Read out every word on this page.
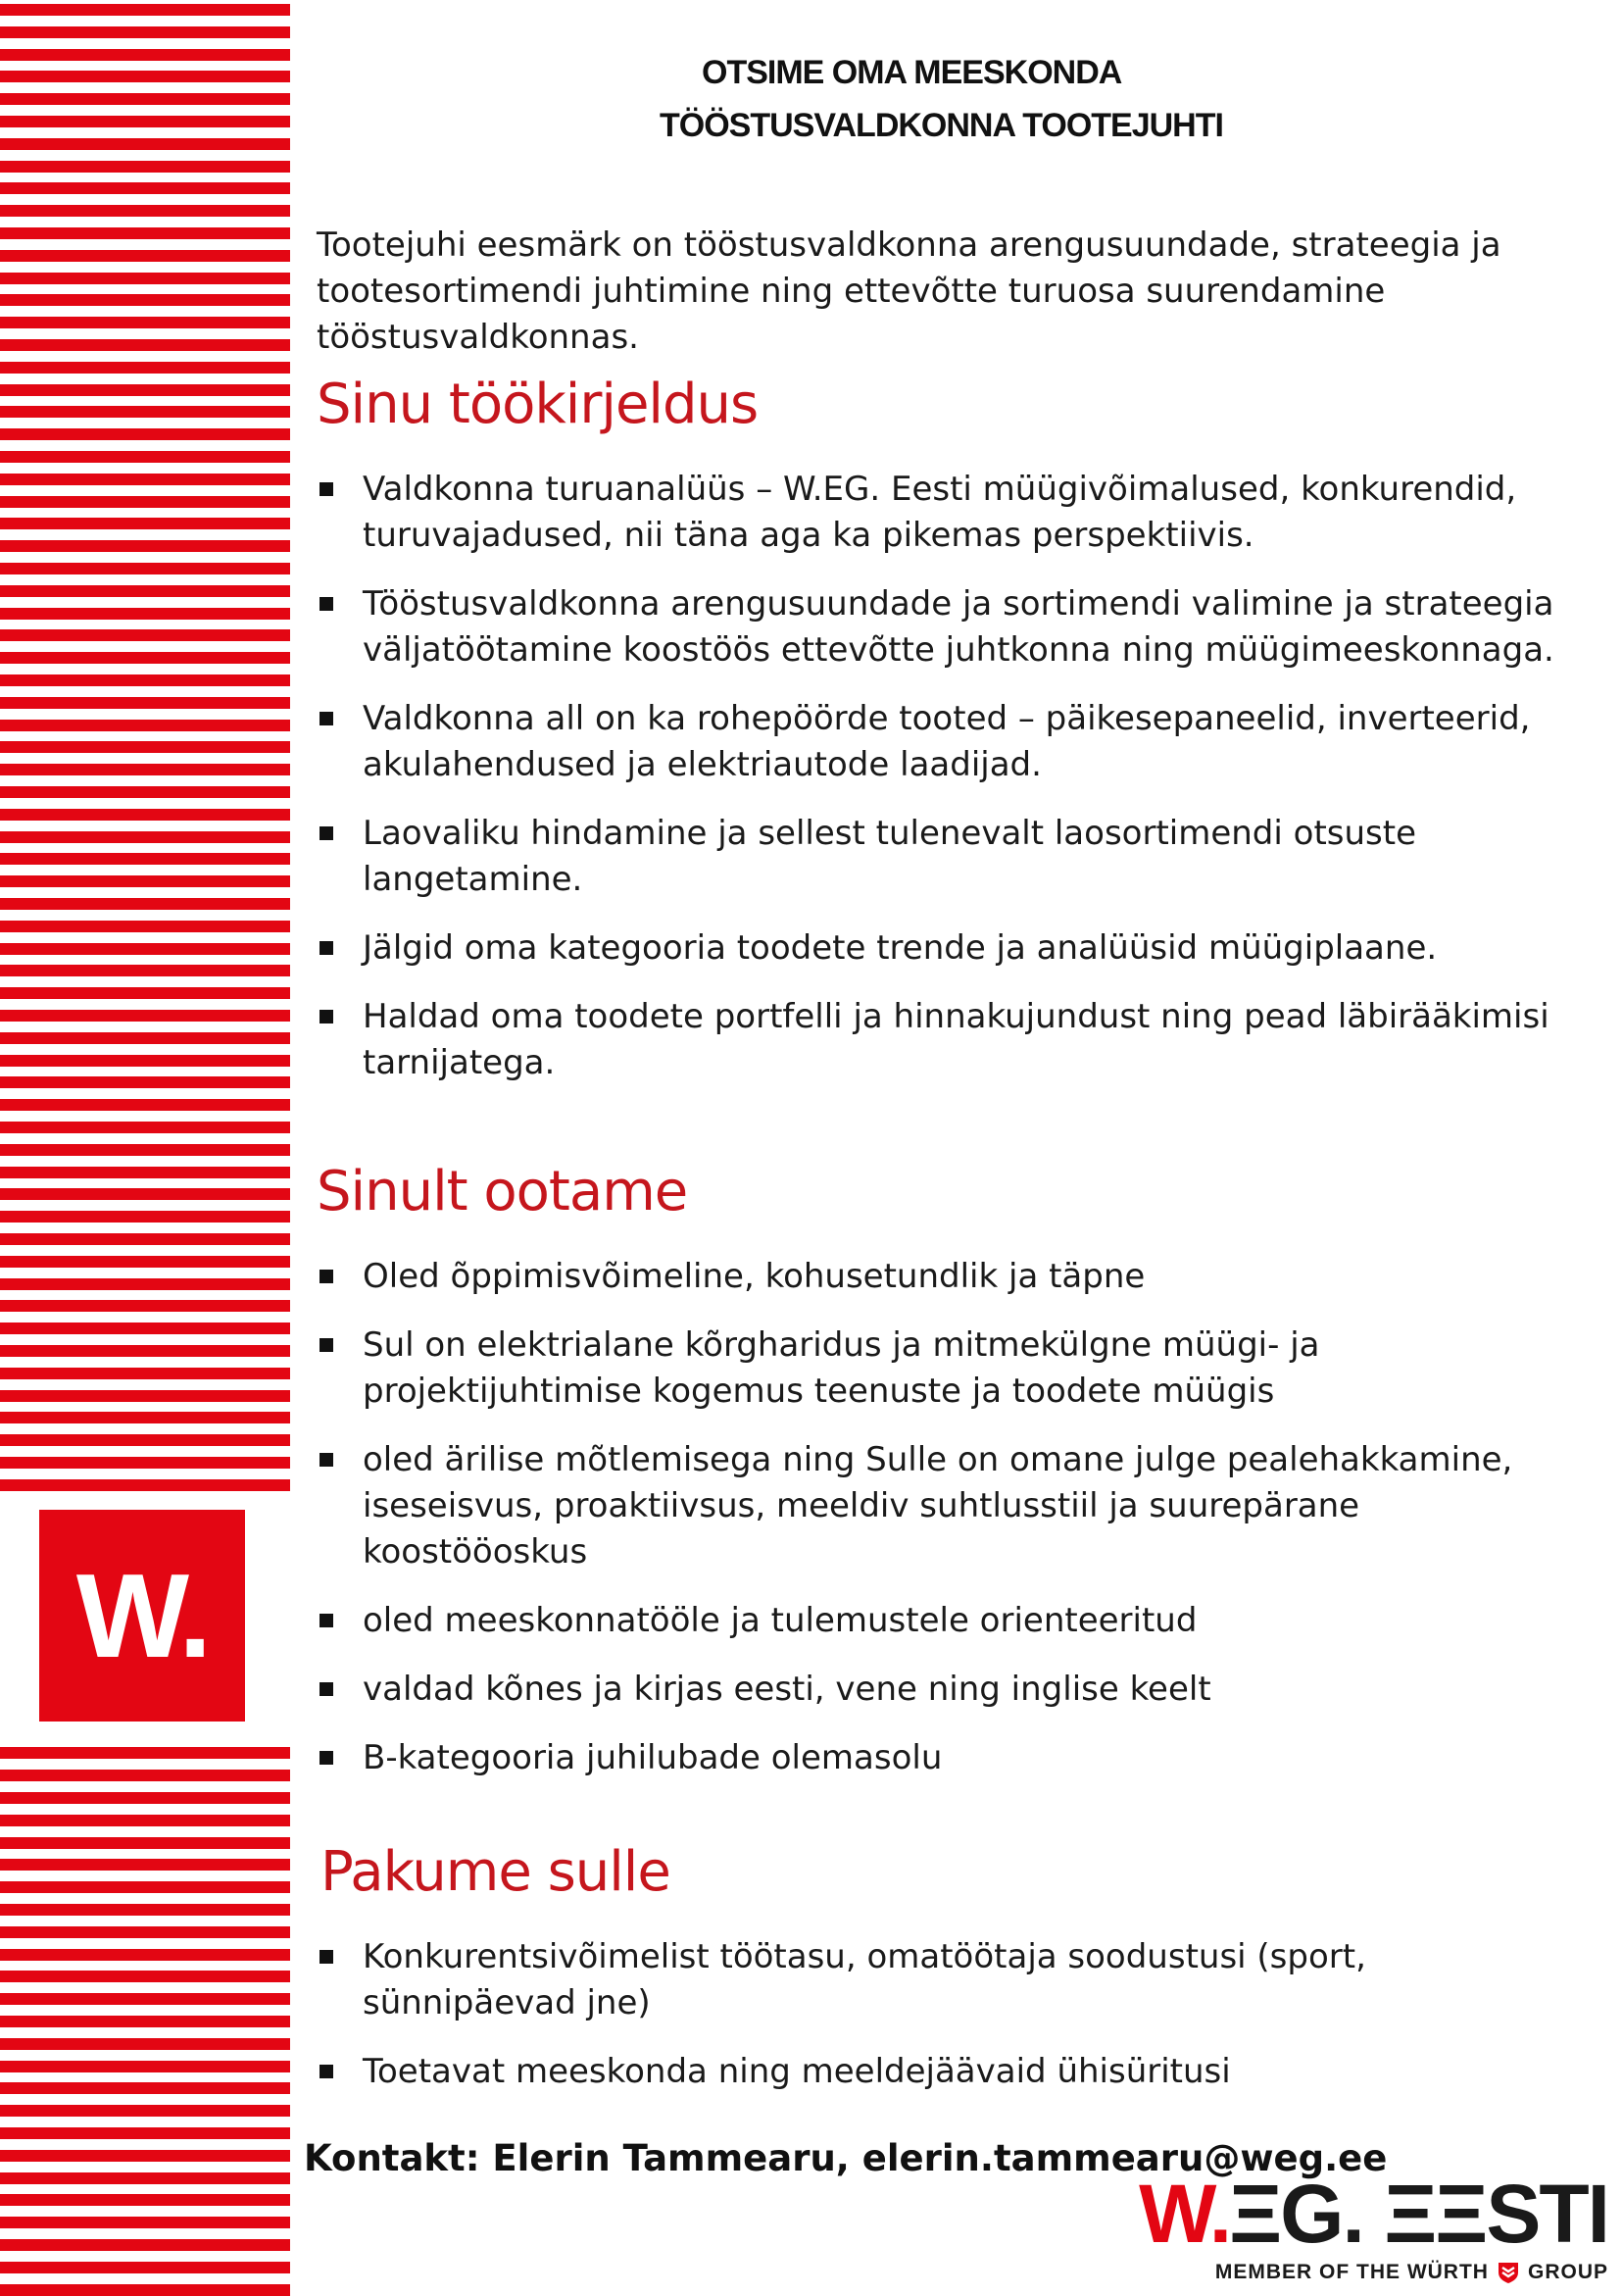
W.
OTSIME OMA MEESKONDA
TÖÖSTUSVALDKONNA TOOTEJUHTI

Tootejuhi eesmärk on tööstusvaldkonna arengusuundade, strateegia ja tootesortimendi juhtimine ning ettevõtte turuosa suurendamine tööstusvaldkonnas.

Sinu töökirjeldus
Valdkonna turuanalüüs – W.EG. Eesti müügivõimalused, konkurendid, turuvajadused, nii täna aga ka pikemas perspektiivis.
Tööstusvaldkonna arengusuundade ja sortimendi valimine ja strateegia väljatöötamine koostöös ettevõtte juhtkonna ning müügimeeskonnaga.
Valdkonna all on ka rohepöörde tooted – päikesepaneelid, inverteerid, akulahendused ja elektriautode laadijad.
Laovaliku hindamine ja sellest tulenevalt laosortimendi otsuste langetamine.
Jälgid oma kategooria toodete trende ja analüüsid müügiplaane.
Haldad oma toodete portfelli ja hinnakujundust ning pead läbirääkimisi tarnijatega.
Sinult ootame
Oled õppimisvõimeline, kohusetundlik ja täpne
Sul on elektrialane kõrgharidus ja mitmekülgne müügi- ja projektijuhtimise kogemus teenuste ja toodete müügis
oled ärilise mõtlemisega ning Sulle on omane julge pealehakkamine, iseseisvus, proaktiivsus, meeldiv suhtlusstiil ja suurepärane koostööoskus
oled meeskonnatööle ja tulemustele orienteeritud
valdad kõnes ja kirjas eesti, vene ning inglise keelt
B-kategooria juhilubade olemasolu
Pakume sulle
Konkurentsivõimelist töötasu, omatöötaja soodustusi (sport, sünnipäevad jne)
Toetavat meeskonda ning meeldejäävaid ühisüritusi

Kontakt: Elerin Tammearu, elerin.tammearu@weg.ee

W. ΞG. ΞΞSTI
MEMBER OF THE WÜRTH GROUP
